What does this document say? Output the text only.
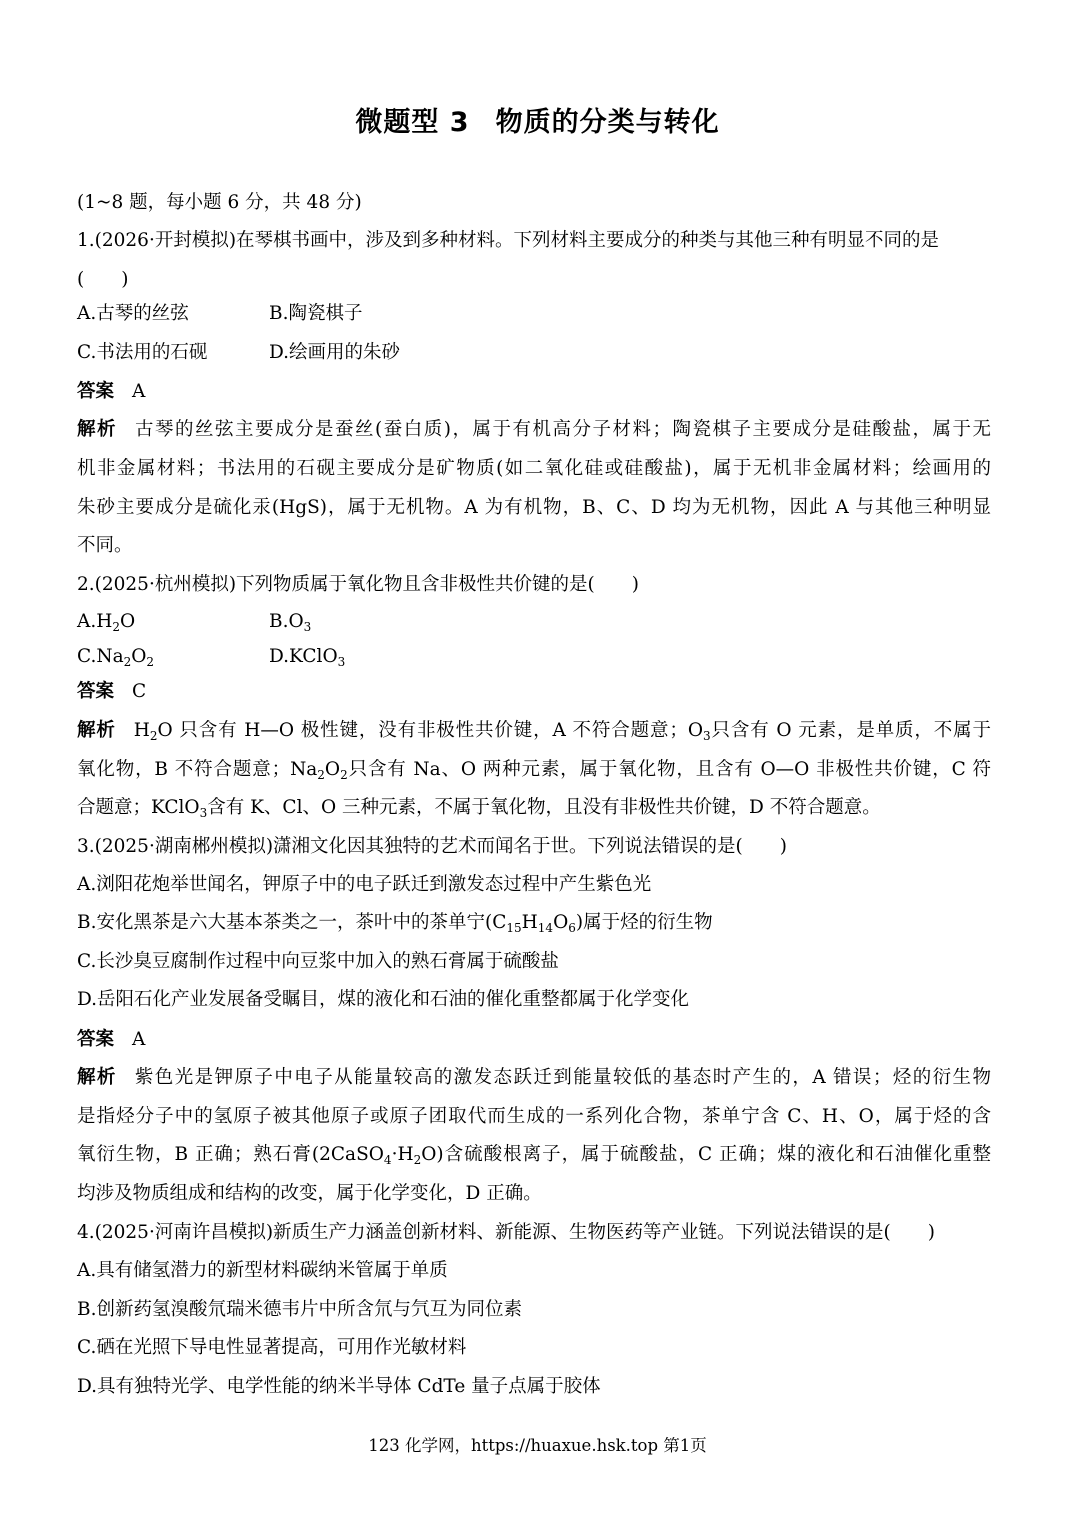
微题型 3 物质的分类与转化
(1~8 题，每小题 6 分，共 48 分)
1.(2026·开封模拟)在琴棋书画中，涉及到多种材料。下列材料主要成分的种类与其他三种有明显不同的是
(　　)
A.古琴的丝弦	B.陶瓷棋子
C.书法用的石砚	D.绘画用的朱砂
答案 A
解析 古琴的丝弦主要成分是蚕丝(蚕白质)，属于有机高分子材料；陶瓷棋子主要成分是硅酸盐，属于无
机非金属材料；书法用的石砚主要成分是矿物质(如二氧化硅或硅酸盐)，属于无机非金属材料；绘画用的
朱砂主要成分是硫化汞(HgS)，属于无机物。A 为有机物，B、C、D 均为无机物，因此 A 与其他三种明显
不同。
2.(2025·杭州模拟)下列物质属于氧化物且含非极性共价键的是(　　)
$A.H_2O$	$B.O_3$
$C.Na_2O_2$	D.KClO$_3$
答案 C
解析 $H_2O$ 只含有 H—O 极性键，没有非极性共价键，A 不符合题意；$O_3$只含有 O 元素，是单质，不属于
氧化物，B 不符合题意；$Na_2O_2$只含有 Na、O 两种元素，属于氧化物，且含有 O—O 非极性共价键，C 符
合题意；KClO$_3$含有 K、Cl、O 三种元素，不属于氧化物，且没有非极性共价键，D 不符合题意。
3.(2025·湖南郴州模拟)潇湘文化因其独特的艺术而闻名于世。下列说法错误的是(　　)
A.浏阳花炮举世闻名，钾原子中的电子跃迁到激发态过程中产生紫色光
B.安化黑茶是六大基本茶类之一，茶叶中的茶单宁$(C_{15}H_{14}O_6)$属于烃的衍生物
C.长沙臭豆腐制作过程中向豆浆中加入的熟石膏属于硫酸盐
D.岳阳石化产业发展备受瞩目，煤的液化和石油的催化重整都属于化学变化
答案 A
解析 紫色光是钾原子中电子从能量较高的激发态跃迁到能量较低的基态时产生的，A 错误；烃的衍生物
是指烃分子中的氢原子被其他原子或原子团取代而生成的一系列化合物，茶单宁含 C、H、O，属于烃的含
氧衍生物，B 正确；熟石膏$(2CaSO_4\cdot H_2O)$含硫酸根离子，属于硫酸盐，C 正确；煤的液化和石油催化重整
均涉及物质组成和结构的改变，属于化学变化，D 正确。
4.(2025·河南许昌模拟)新质生产力涵盖创新材料、新能源、生物医药等产业链。下列说法错误的是(　　)
A.具有储氢潜力的新型材料碳纳米管属于单质
B.创新药氢溴酸氘瑞米德韦片中所含氘与氕互为同位素
C.硒在光照下导电性显著提高，可用作光敏材料
D.具有独特光学、电学性能的纳米半导体 CdTe 量子点属于胶体
123 化学网，https://huaxue.hsk.top 第1页
